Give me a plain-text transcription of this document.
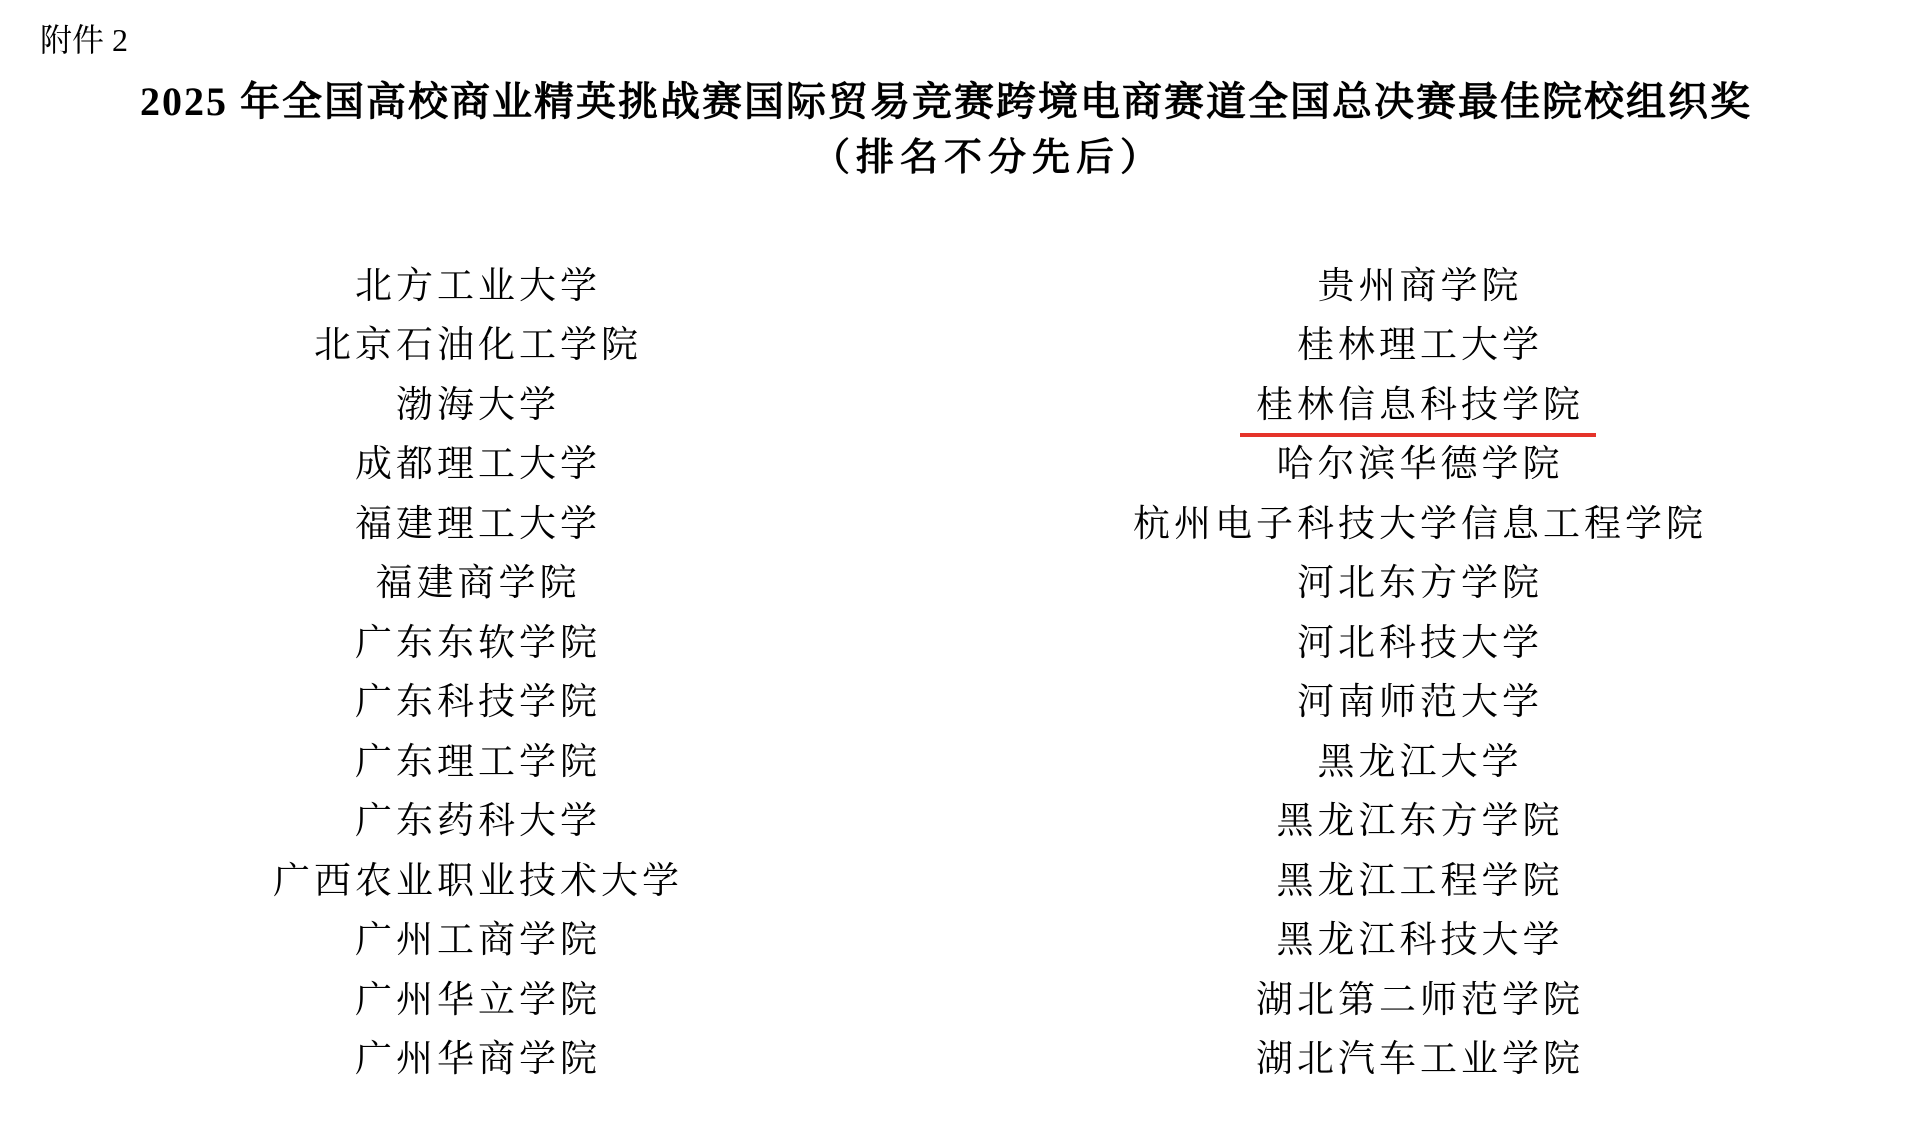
附件 2
2025 年全国高校商业精英挑战赛国际贸易竞赛跨境电商赛道全国总决赛最佳院校组织奖
（排名不分先后）
北方工业大学
北京石油化工学院
渤海大学
成都理工大学
福建理工大学
福建商学院
广东东软学院
广东科技学院
广东理工学院
广东药科大学
广西农业职业技术大学
广州工商学院
广州华立学院
广州华商学院
贵州商学院
桂林理工大学
桂林信息科技学院
哈尔滨华德学院
杭州电子科技大学信息工程学院
河北东方学院
河北科技大学
河南师范大学
黑龙江大学
黑龙江东方学院
黑龙江工程学院
黑龙江科技大学
湖北第二师范学院
湖北汽车工业学院
